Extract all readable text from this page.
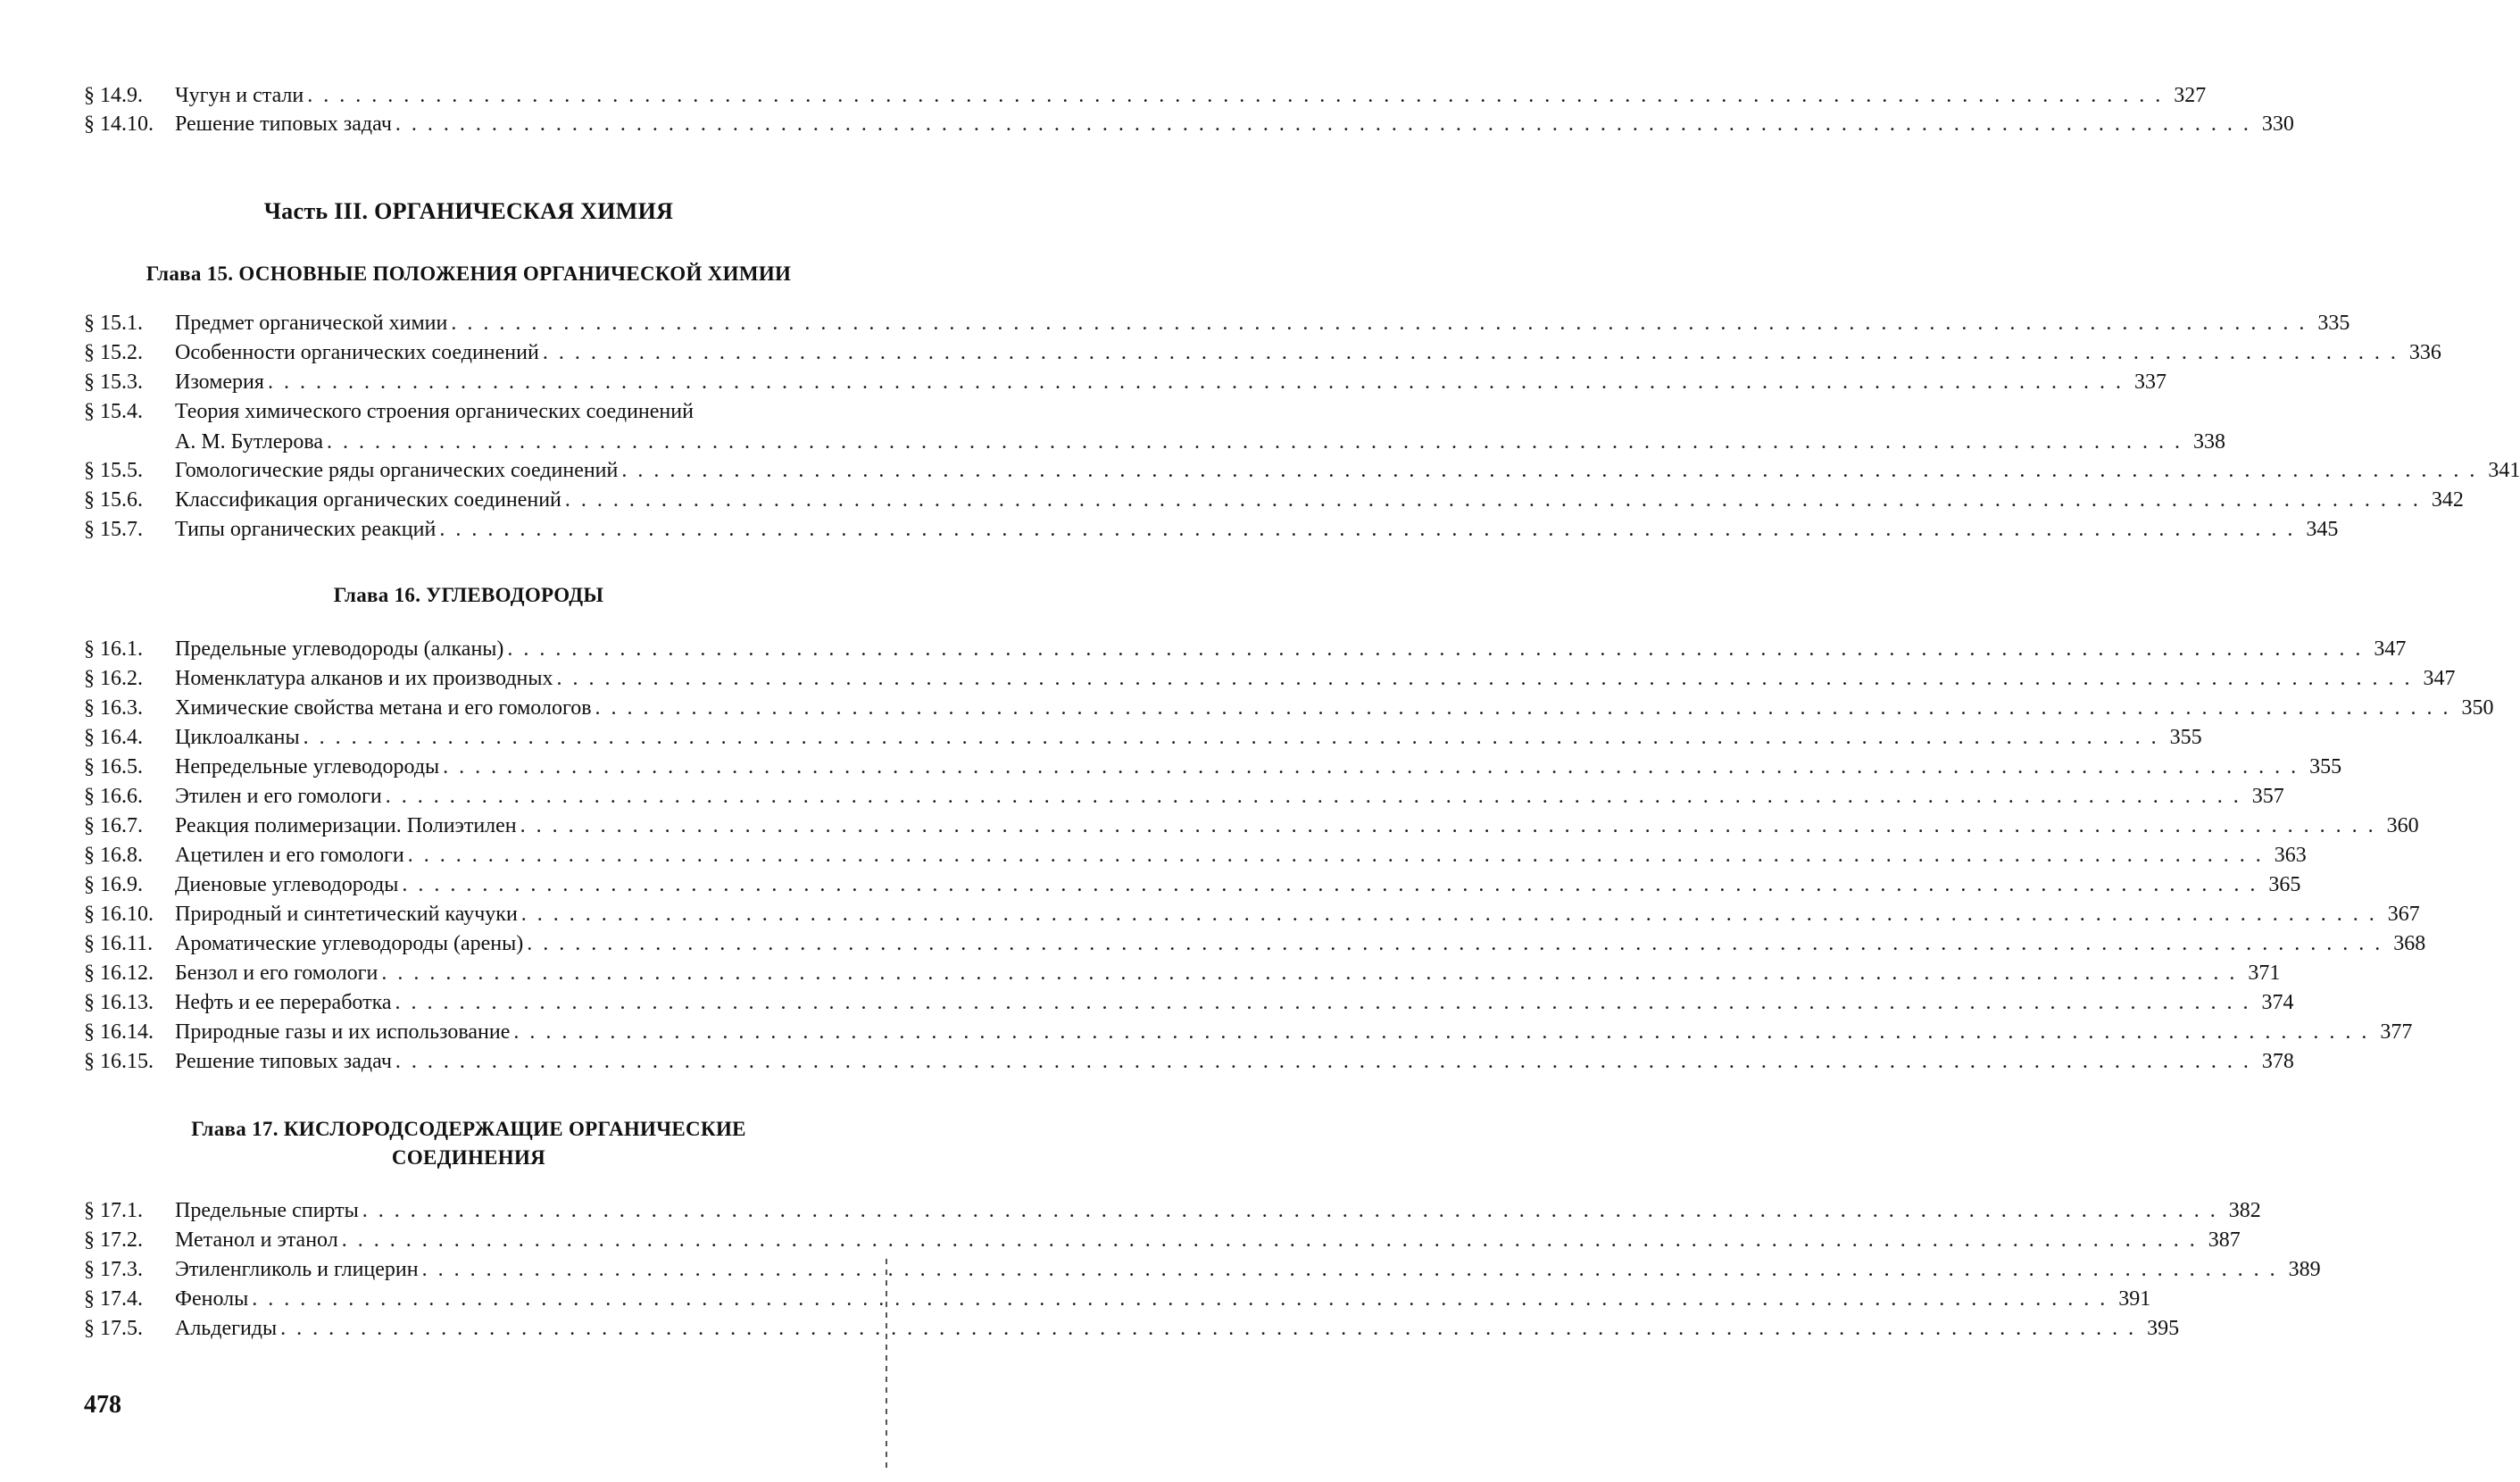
§ 14.9.	Чугун и стали . . .	327
§ 14.10.	Решение типовых задач . . .	330
Часть III. ОРГАНИЧЕСКАЯ ХИМИЯ
Глава 15. ОСНОВНЫЕ ПОЛОЖЕНИЯ ОРГАНИЧЕСКОЙ ХИМИИ
§ 15.1.	Предмет органической химии . . .	335
§ 15.2.	Особенности органических соединений . . .	336
§ 15.3.	Изомерия . . .	337
§ 15.4.	Теория химического строения органических соединений
А. М. Бутлерова . . .	338
§ 15.5.	Гомологические ряды органических соединений . . .	341
§ 15.6.	Классификация органических соединений . . .	342
§ 15.7.	Типы органических реакций . . .	345
Глава 16. УГЛЕВОДОРОДЫ
§ 16.1.	Предельные углеводороды (алканы) . . .	347
§ 16.2.	Номенклатура алканов и их производных . . .	347
§ 16.3.	Химические свойства метана и его гомологов . . .	350
§ 16.4.	Циклоалканы . . .	355
§ 16.5.	Непредельные углеводороды . . .	355
§ 16.6.	Этилен и его гомологи . . .	357
§ 16.7.	Реакция полимеризации. Полиэтилен . . .	360
§ 16.8.	Ацетилен и его гомологи . . .	363
§ 16.9.	Диеновые углеводороды . . .	365
§ 16.10.	Природный и синтетический каучуки . . .	367
§ 16.11.	Ароматические углеводороды (арены) . . .	368
§ 16.12.	Бензол и его гомологи . . .	371
§ 16.13.	Нефть и ее переработка . . .	374
§ 16.14.	Природные газы и их использование . . .	377
§ 16.15.	Решение типовых задач . . .	378
Глава 17. КИСЛОРОДСОДЕРЖАЩИЕ ОРГАНИЧЕСКИЕ
СОЕДИНЕНИЯ
§ 17.1.	Предельные спирты . . .	382
§ 17.2.	Метанол и этанол . . .	387
§ 17.3.	Этиленгликоль и глицерин . . .	389
§ 17.4.	Фенолы . . .	391
§ 17.5.	Альдегиды . . .	395
478
